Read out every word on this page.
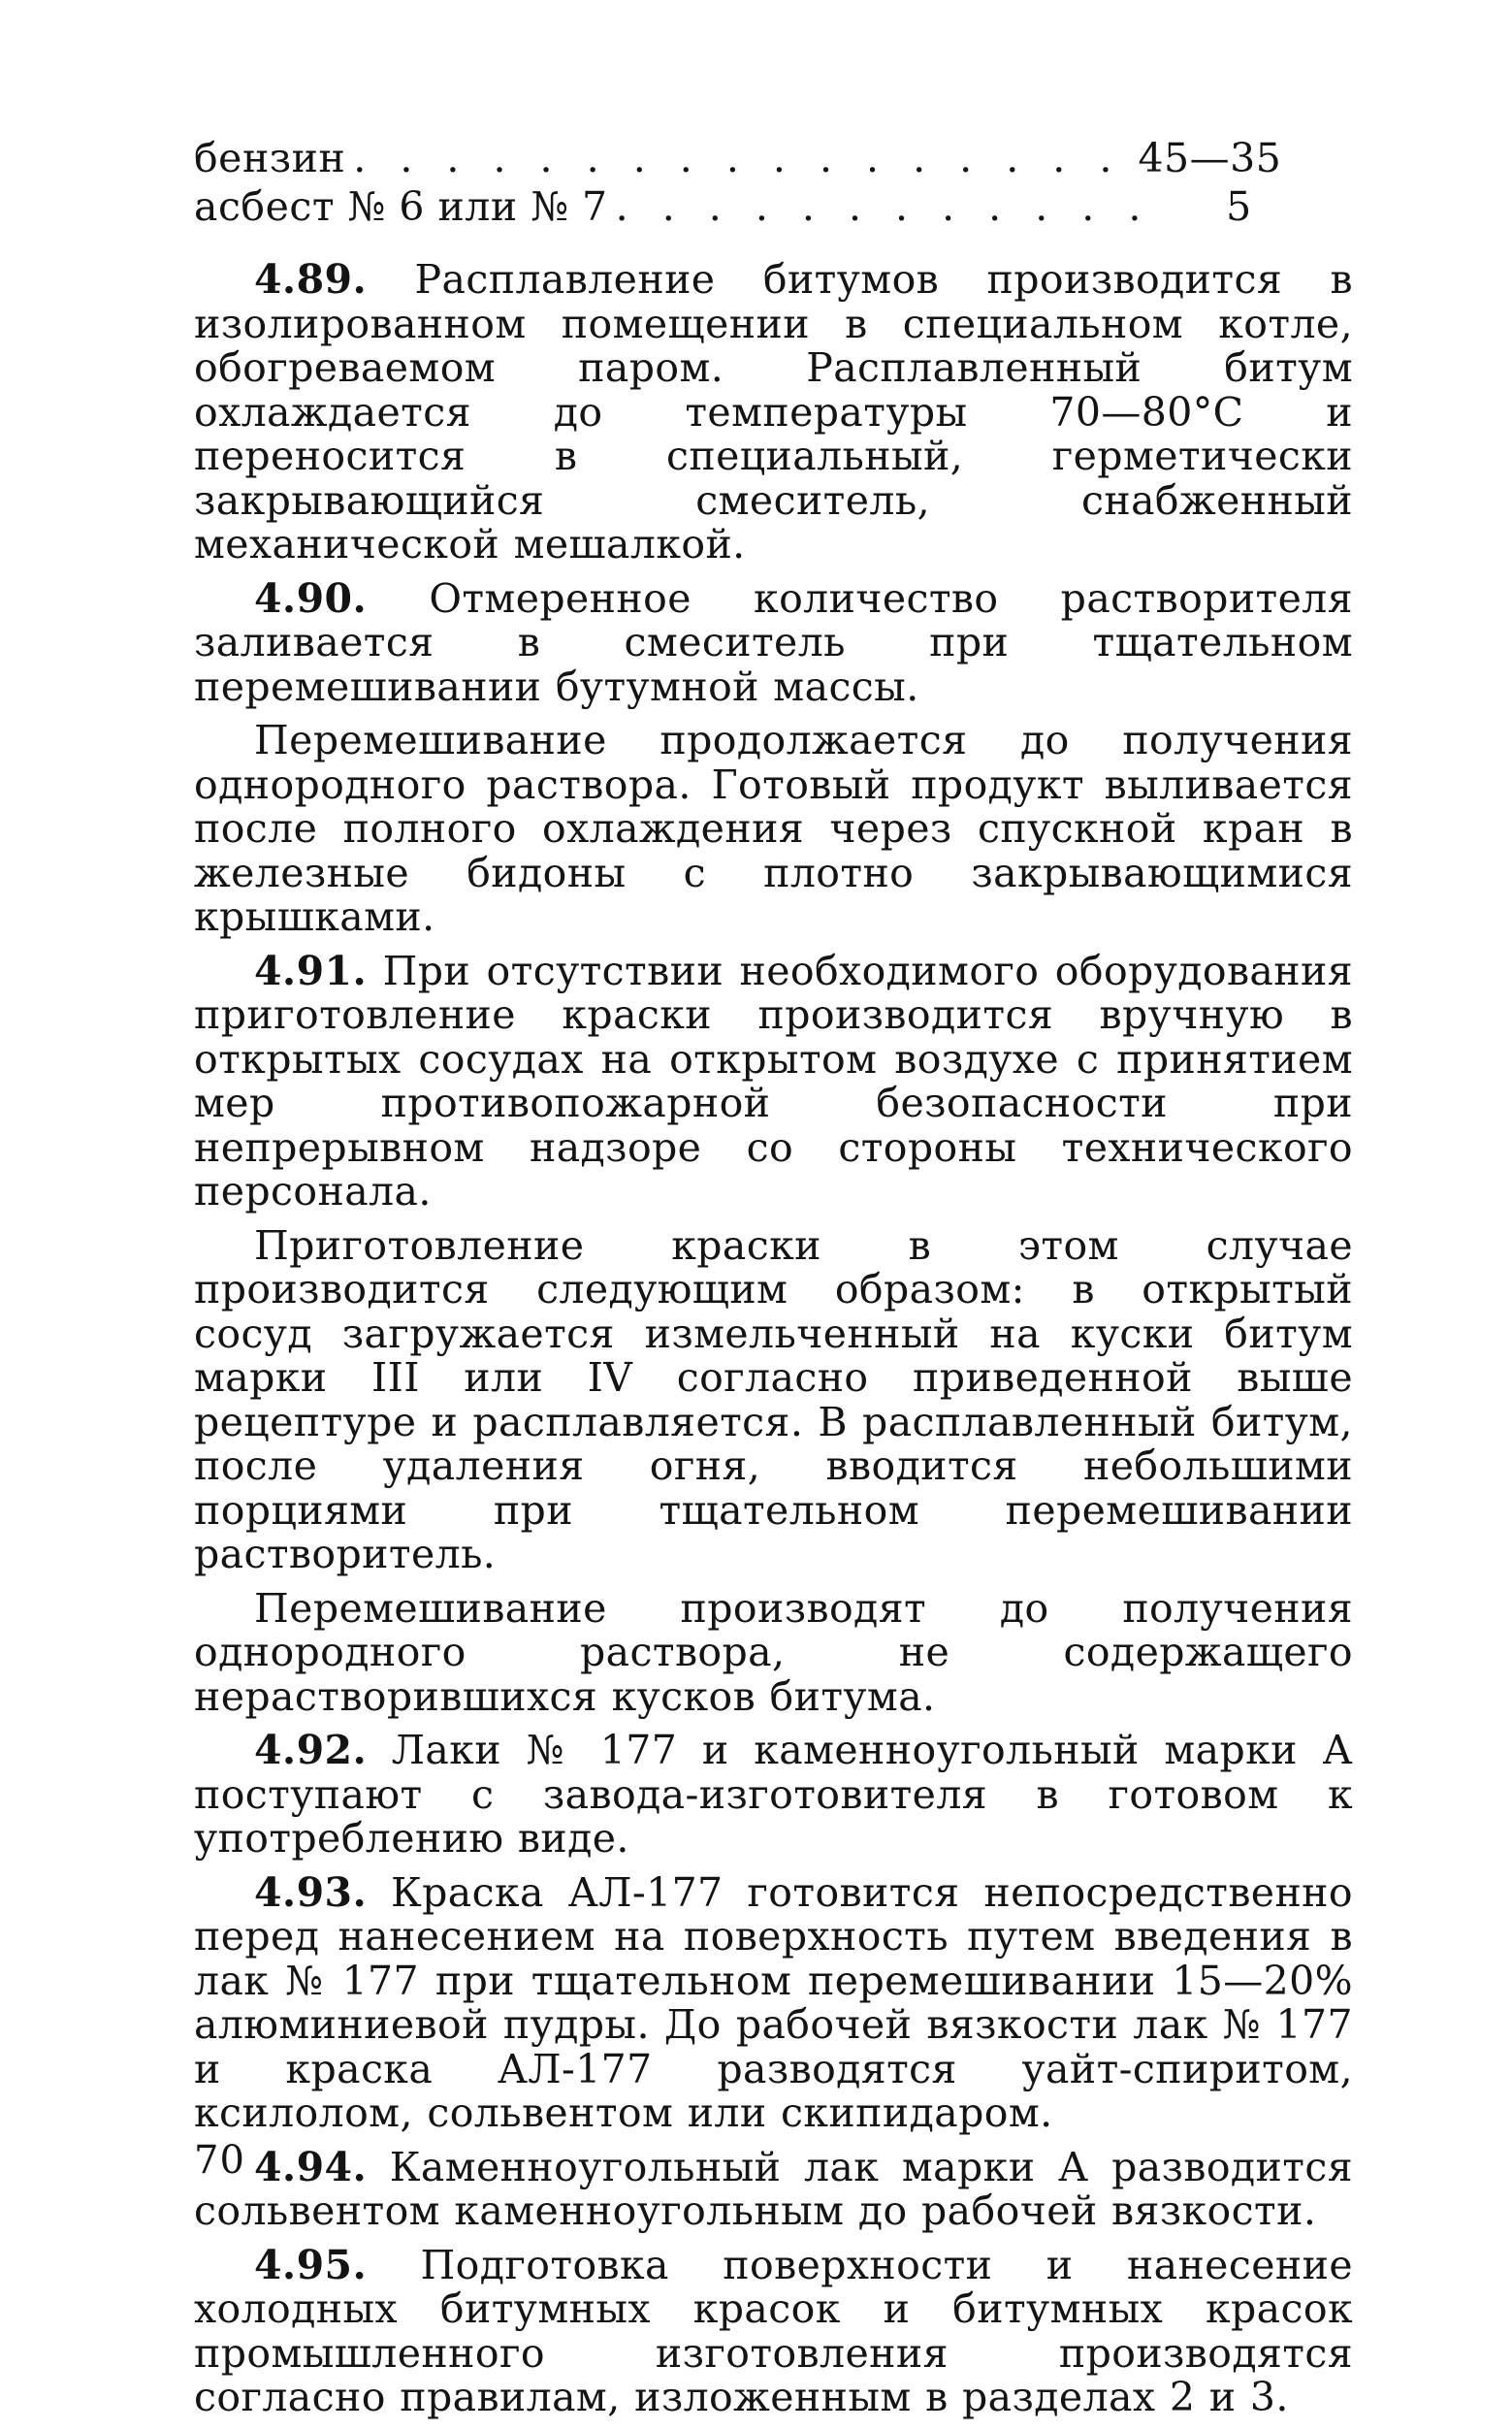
бензин . . . . . . . . . . . . . . . . . 45—35
асбест № 6 или № 7 . . . . . . . . . . . .	5

4.89. Расплавление битумов производится в изолированном помещении в специальном котле, обогреваемом паром. Расплавленный битум охлаждается до температуры 70—80°С и переносится в специальный, герметически закрывающийся смеситель, снабженный механической мешалкой.

4.90. Отмеренное количество растворителя заливается в смеситель при тщательном перемешивании бутумной массы.

Перемешивание продолжается до получения однородного раствора. Готовый продукт выливается после полного охлаждения через спускной кран в железные бидоны с плотно закрывающимися крышками.

4.91. При отсутствии необходимого оборудования приготовление краски производится вручную в открытых сосудах на открытом воздухе с принятием мер противопожарной безопасности при непрерывном надзоре со стороны технического персонала.

Приготовление краски в этом случае производится следующим образом: в открытый сосуд загружается измельченный на куски битум марки III или IV согласно приведенной выше рецептуре и расплавляется. В расплавленный битум, после удаления огня, вводится небольшими порциями при тщательном перемешивании растворитель.

Перемешивание производят до получения однородного раствора, не содержащего нерастворившихся кусков битума.

4.92. Лаки № 177 и каменноугольный марки А поступают с завода-изготовителя в готовом к употреблению виде.

4.93. Краска АЛ-177 готовится непосредственно перед нанесением на поверхность путем введения в лак № 177 при тщательном перемешивании 15—20% алюминиевой пудры. До рабочей вязкости лак № 177 и краска АЛ-177 разводятся уайт-спиритом, ксилолом, сольвентом или скипидаром.

4.94. Каменноугольный лак марки А разводится сольвентом каменноугольным до рабочей вязкости.

4.95. Подготовка поверхности и нанесение холодных битумных красок и битумных красок промышленного изготовления производятся согласно правилам, изложенным в разделах 2 и 3.

70
